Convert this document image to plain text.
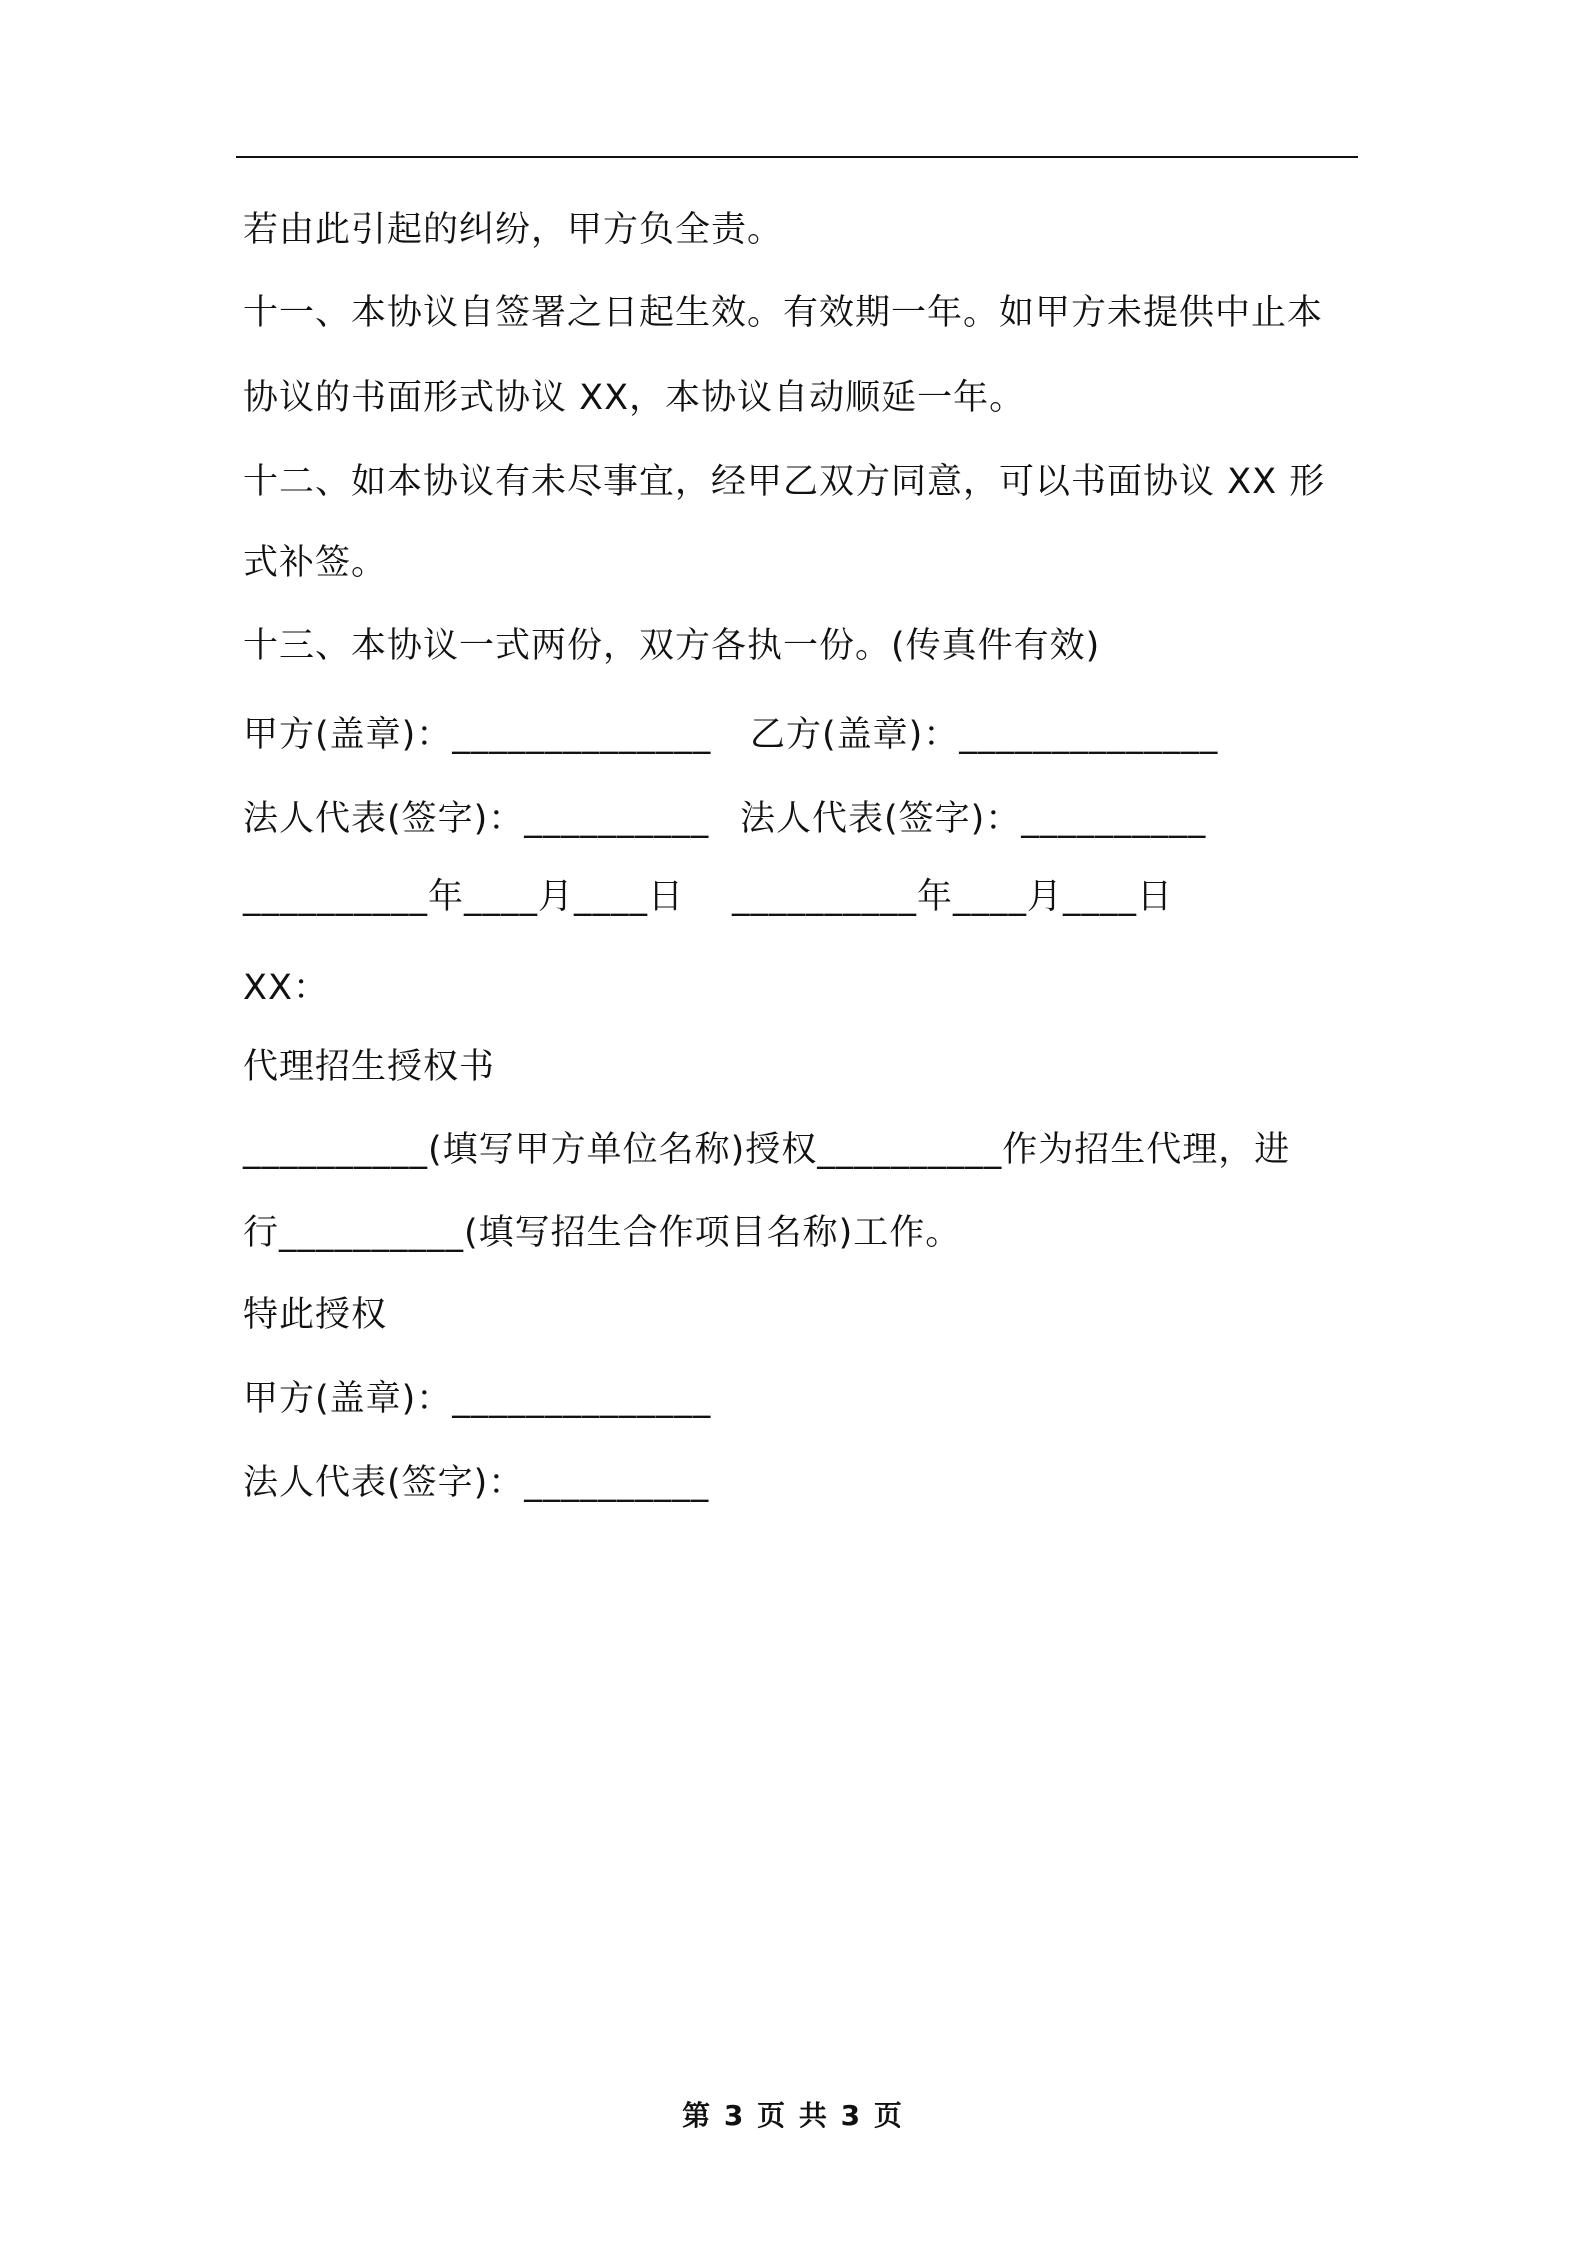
若由此引起的纠纷，甲方负全责。
十一、本协议自签署之日起生效。有效期一年。如甲方未提供中止本
协议的书面形式协议 XX，本协议自动顺延一年。
十二、如本协议有未尽事宜，经甲乙双方同意，可以书面协议 XX 形
式补签。
十三、本协议一式两份，双方各执一份。(传真件有效)
甲方(盖章)：______________ 乙方(盖章)：______________
法人代表(签字)：__________ 法人代表(签字)：__________
__________年____月____日 __________年____月____日
XX：
代理招生授权书
__________(填写甲方单位名称)授权__________作为招生代理，进
行__________(填写招生合作项目名称)工作。
特此授权
甲方(盖章)：______________
法人代表(签字)：__________
第 3 页 共 3 页
